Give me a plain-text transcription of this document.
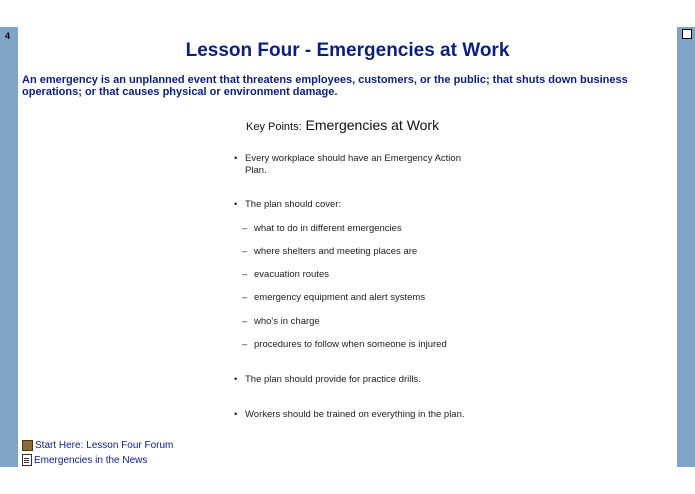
4
Lesson Four - Emergencies at Work
An emergency is an unplanned event that threatens employees, customers, or the public; that shuts down business operations; or that causes physical or environment damage.
Key Points: Emergencies at Work
• Every workplace should have an Emergency Action Plan.
• The plan should cover:
– what to do in different emergencies
– where shelters and meeting places are
– evacuation routes
– emergency equipment and alert systems
– who's in charge
– procedures to follow when someone is injured
• The plan should provide for practice drills.
• Workers should be trained on everything in the plan.
Start Here: Lesson Four Forum
Emergencies in the News
